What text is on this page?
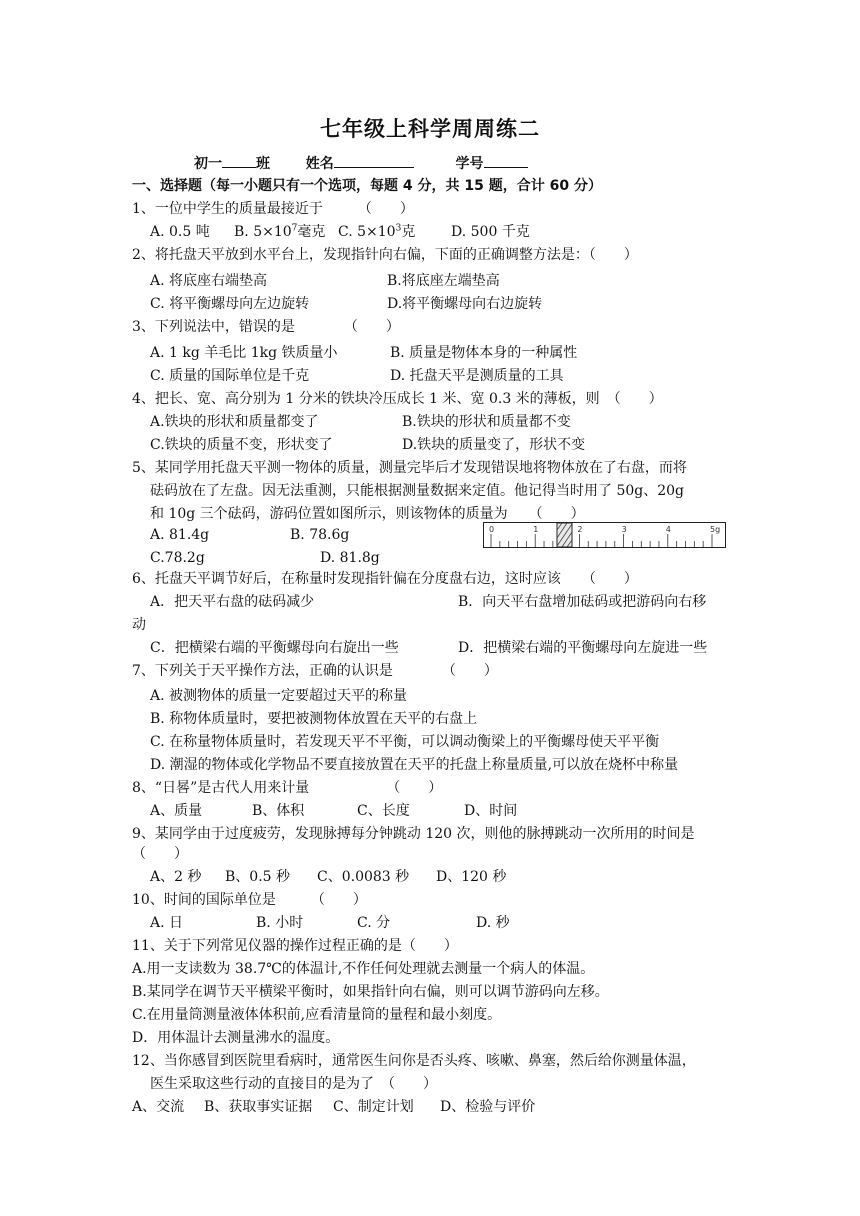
七年级上科学周周练二
初一 班	姓名	学号
一、选择题（每一小题只有一个选项，每题 4 分，共 15 题，合计 60 分）
1、一位中学生的质量最接近于　　　（　　）
A. 0.5 吨 B. $5\times 10^7$毫克 C. $5\times 10^3$克	D. 500 千克
2、将托盘天平放到水平台上，发现指针向右偏，下面的正确调整方法是：（　　）
A. 将底座右端垫高	B.将底座左端垫高
C. 将平衡螺母向左边旋转	D.将平衡螺母向右边旋转
3、下列说法中，错误的是　　　　（　　）
A. 1 kg 羊毛比 1kg 铁质量小	B. 质量是物体本身的一种属性
C. 质量的国际单位是千克	D. 托盘天平是测质量的工具
4、把长、宽、高分别为 1 分米的铁块冷压成长 1 米、宽 0.3 米的薄板，则　（　　）
A.铁块的形状和质量都变了	B.铁块的形状和质量都不变
C.铁块的质量不变，形状变了	D.铁块的质量变了，形状不变
5、某同学用托盘天平测一物体的质量，测量完毕后才发现错误地将物体放在了右盘，而将
砝码放在了左盘。因无法重测，只能根据测量数据来定值。他记得当时用了 50g、20g
和 10g 三个砝码，游码位置如图所示，则该物体的质量为　　（　　）
A. 81.4g	B. 78.6g
C.78.2g	D. 81.8g
0	1	2	3	4	5g
6、托盘天平调节好后，在称量时发现指针偏在分度盘右边，这时应该　　（　　）
A．把天平右盘的砝码减少	B．向天平右盘增加砝码或把游码向右移
动
C．把横梁右端的平衡螺母向右旋出一些	D．把横梁右端的平衡螺母向左旋进一些
7、下列关于天平操作方法，正确的认识是　　　　（　　）
A. 被测物体的质量一定要超过天平的称量
B. 称物体质量时，要把被测物体放置在天平的右盘上
C. 在称量物体质量时，若发现天平不平衡，可以调动衡梁上的平衡螺母使天平平衡
D. 潮湿的物体或化学物品不要直接放置在天平的托盘上称量质量,可以放在烧杯中称量
8、“日晷”是古代人用来计量　　　　　　（　　）
A、质量	B、体积	C、长度	D、时间
9、某同学由于过度疲劳，发现脉搏每分钟跳动 120 次，则他的脉搏跳动一次所用的时间是
（　　）
A、2 秒 B、0.5 秒 C、0.0083 秒 D、120 秒
10、时间的国际单位是　　　（　　）
A. 日	B. 小时	C. 分	D. 秒
11、关于下列常见仪器的操作过程正确的是（　　）
A.用一支读数为 38.7℃的体温计,不作任何处理就去测量一个病人的体温。
B.某同学在调节天平横梁平衡时，如果指针向右偏，则可以调节游码向左移。
C.在用量筒测量液体体积前,应看清量筒的量程和最小刻度。
D．用体温计去测量沸水的温度。
12、当你感冒到医院里看病时，通常医生问你是否头疼、咳嗽、鼻塞，然后给你测量体温，
医生采取这些行动的直接目的是为了　（　　）
A、交流 B、获取事实证据 C、制定计划 D、检验与评价
